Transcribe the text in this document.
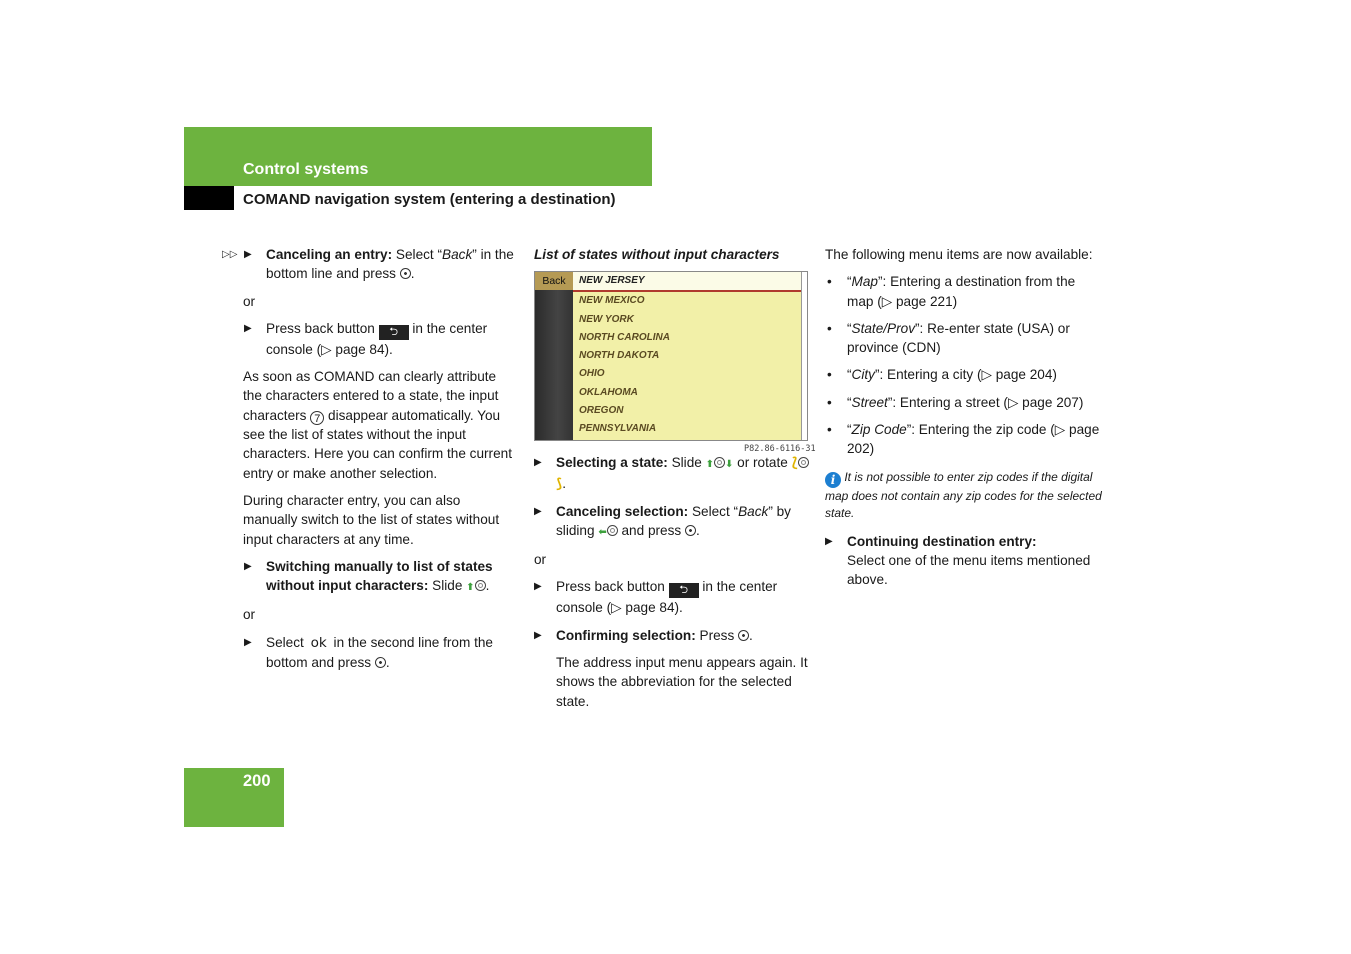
Control systems
COMAND navigation system (entering a destination)
▷▷ ▶ Canceling an entry: Select “Back” in the bottom line and press .

or

▶ Press back button ⮌ in the center console (▷ page 84).

As soon as COMAND can clearly attribute the characters entered to a state, the input characters 7 disappear automatically. You see the list of states without the input characters. Here you can confirm the current entry or make another selection.

During character entry, you can also manually switch to the list of states without input characters at any time.

▶ Switching manually to list of states without input characters: Slide ⬆ .

or

▶ Select ok in the second line from the bottom and press .

List of states without input characters

Back	NEW JERSEY
NEW MEXICO
NEW YORK
NORTH CAROLINA
NORTH DAKOTA
OHIO
OKLAHOMA
OREGON
PENNSYLVANIA
P82.86-6116-31
▶ Selecting a state: Slide ⬆ ⬇ or rotate ⟅⟆.
▶ Canceling selection: Select “Back” by sliding ⬅ and press .

or

▶ Press back button ⮌ in the center console (▷ page 84).
▶ Confirming selection: Press .

The address input menu appears again. It shows the abbreviation for the selected state.

The following menu items are now available:

• “Map”: Entering a destination from the map (▷ page 221)
• “State/Prov”: Re-enter state (USA) or province (CDN)
• “City”: Entering a city (▷ page 204)
• “Street”: Entering a street (▷ page 207)
• “Zip Code”: Entering the zip code (▷ page 202)

i It is not possible to enter zip codes if the digital map does not contain any zip codes for the selected state.

▶ Continuing destination entry:
Select one of the menu items mentioned above.
200
